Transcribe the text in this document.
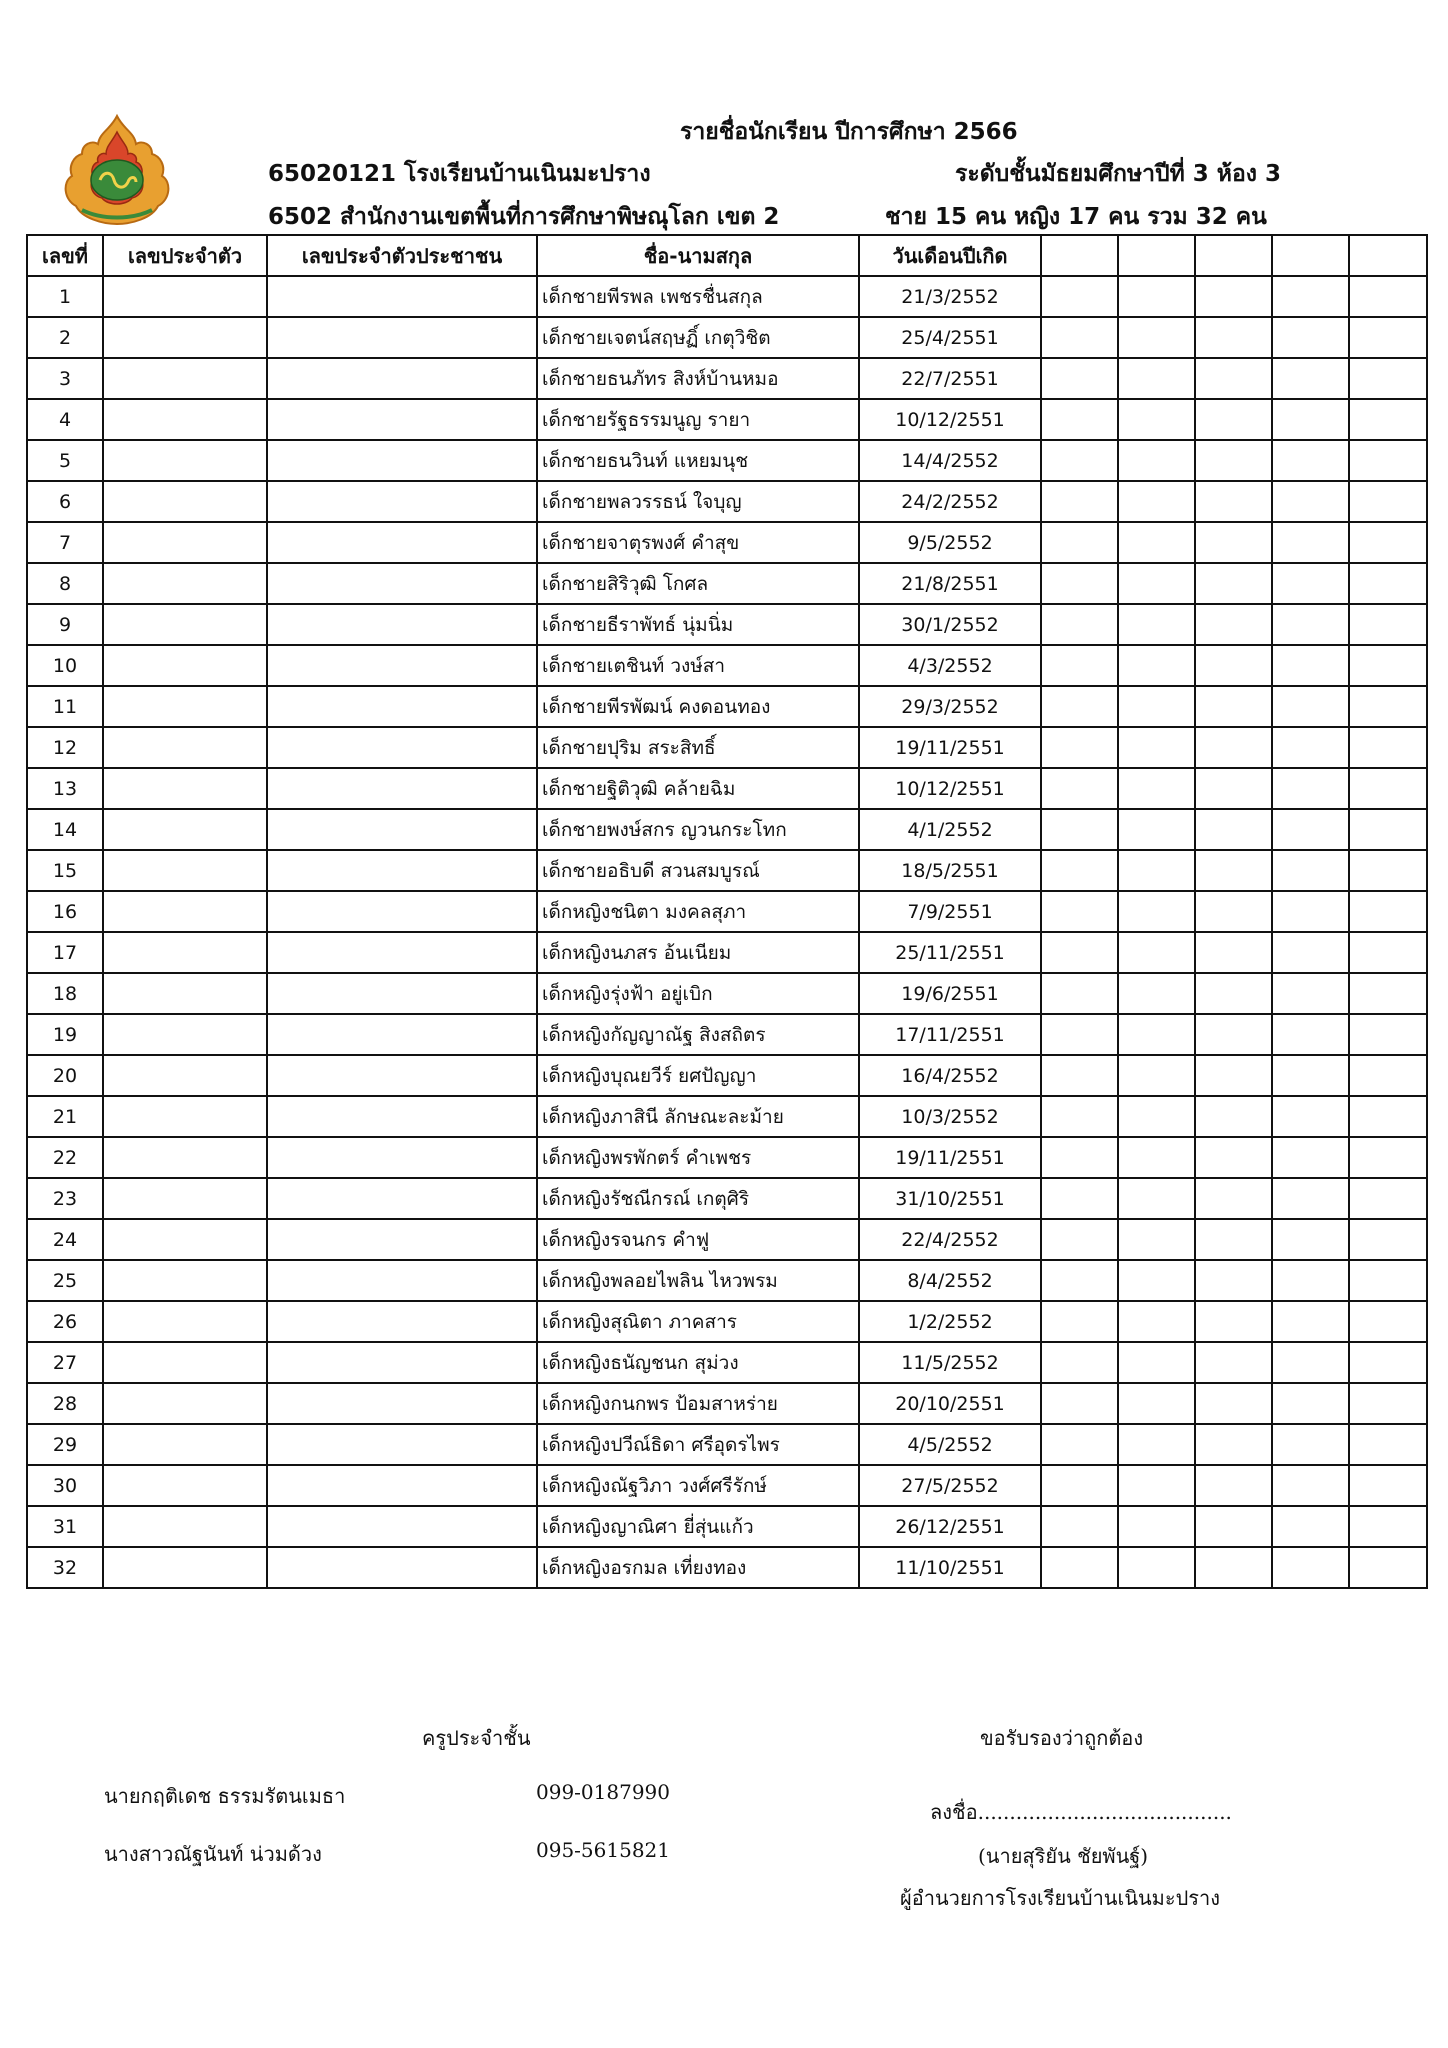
รายชื่อนักเรียน ปีการศึกษา 2566
65020121 โรงเรียนบ้านเนินมะปราง	ระดับชั้นมัธยมศึกษาปีที่ 3 ห้อง 3
6502 สำนักงานเขตพื้นที่การศึกษาพิษณุโลก เขต 2	ชาย 15 คน หญิง 17 คน รวม 32 คน
เลขที่	เลขประจำตัว	เลขประจำตัวประชาชน	ชื่อ-นามสกุล	วันเดือนปีเกิด					
1			เด็กชายพีรพล เพชรชื่นสกุล	21/3/2552					
2			เด็กชายเจตน์สฤษฏิ์ เกตุวิชิต	25/4/2551					
3			เด็กชายธนภัทร สิงห์บ้านหมอ	22/7/2551					
4			เด็กชายรัฐธรรมนูญ รายา	10/12/2551					
5			เด็กชายธนวินท์ แหยมนุช	14/4/2552					
6			เด็กชายพลวรรธน์ ใจบุญ	24/2/2552					
7			เด็กชายจาตุรพงศ์ คำสุข	9/5/2552					
8			เด็กชายสิริวุฒิ โกศล	21/8/2551					
9			เด็กชายธีราพัทธ์ นุ่มนิ่ม	30/1/2552					
10			เด็กชายเตชินท์ วงษ์สา	4/3/2552					
11			เด็กชายพีรพัฒน์ คงดอนทอง	29/3/2552					
12			เด็กชายปุริม สระสิทธิ์	19/11/2551					
13			เด็กชายฐิติวุฒิ คล้ายฉิม	10/12/2551					
14			เด็กชายพงษ์สกร ญวนกระโทก	4/1/2552					
15			เด็กชายอธิบดี สวนสมบูรณ์	18/5/2551					
16			เด็กหญิงชนิตา มงคลสุภา	7/9/2551					
17			เด็กหญิงนภสร อ้นเนียม	25/11/2551					
18			เด็กหญิงรุ่งฟ้า อยู่เบิก	19/6/2551					
19			เด็กหญิงกัญญาณัฐ สิงสถิตร	17/11/2551					
20			เด็กหญิงบุณยวีร์ ยศปัญญา	16/4/2552					
21			เด็กหญิงภาสินี ลักษณะละม้าย	10/3/2552					
22			เด็กหญิงพรพักตร์ คำเพชร	19/11/2551					
23			เด็กหญิงรัชณีกรณ์ เกตุศิริ	31/10/2551					
24			เด็กหญิงรจนกร คำฟู	22/4/2552					
25			เด็กหญิงพลอยไพลิน ไหวพรม	8/4/2552					
26			เด็กหญิงสุณิตา ภาคสาร	1/2/2552					
27			เด็กหญิงธนัญชนก สุม่วง	11/5/2552					
28			เด็กหญิงกนกพร ป้อมสาหร่าย	20/10/2551					
29			เด็กหญิงปวีณ์ธิดา ศรีอุดรไพร	4/5/2552					
30			เด็กหญิงณัฐวิภา วงศ์ศรีรักษ์	27/5/2552					
31			เด็กหญิงญาณิศา ยี่สุ่นแก้ว	26/12/2551					
32			เด็กหญิงอรกมล เที่ยงทอง	11/10/2551					
ครูประจำชั้น	ขอรับรองว่าถูกต้อง
นายกฤติเดช ธรรมรัตนเมธา	099-0187990
นางสาวณัฐนันท์ น่วมด้วง	095-5615821
ลงชื่อ........................................
(นายสุริยัน ชัยพันฐ์)
ผู้อำนวยการโรงเรียนบ้านเนินมะปราง
